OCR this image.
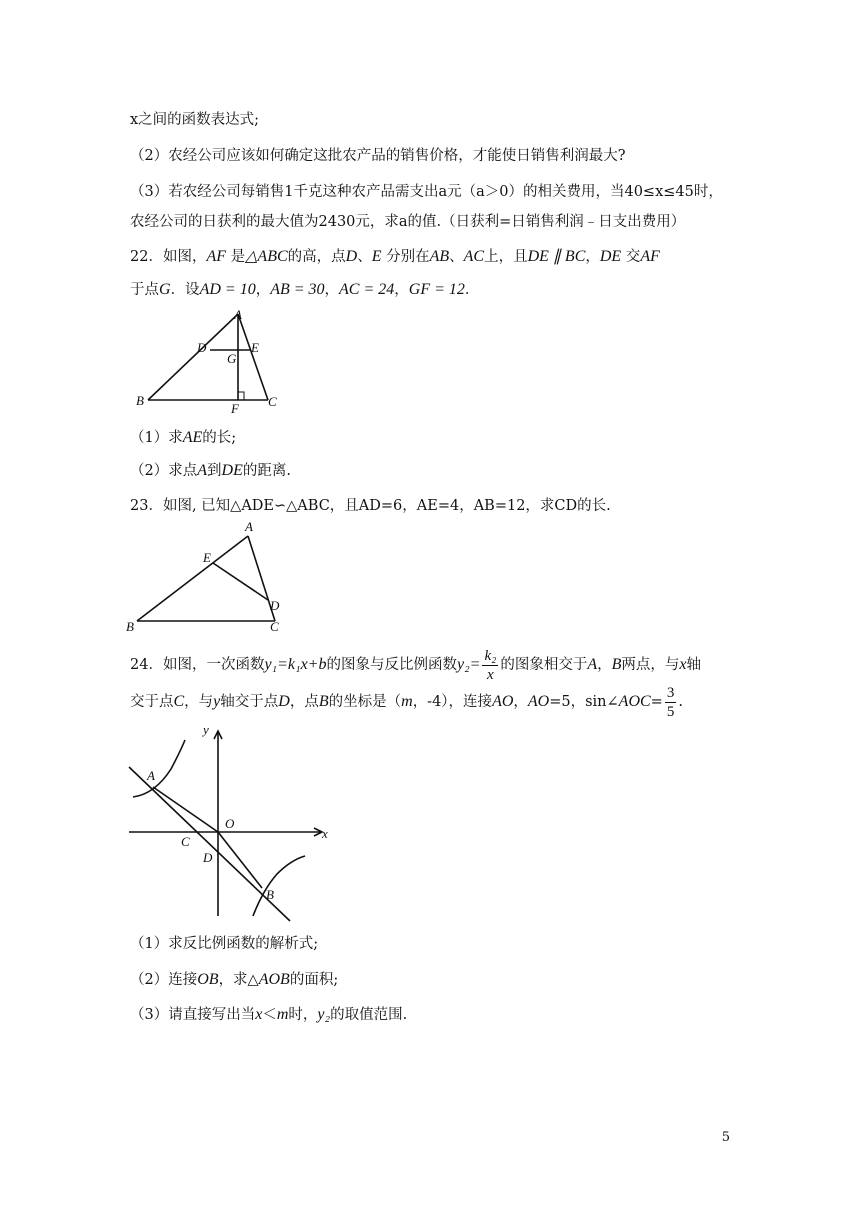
x之间的函数表达式;
（2）农经公司应该如何确定这批农产品的销售价格，才能使日销售利润最大?
（3）若农经公司每销售1千克这种农产品需支出a元（a＞0）的相关费用，当40≤x≤45时，
农经公司的日获利的最大值为2430元，求a的值.（日获利=日销售利润﹣日支出费用）
22．如图，AF 是△ABC的高，点D、E 分别在AB、AC上，且DE ∥ BC，DE 交AF
于点G．设AD = 10，AB = 30，AC = 24，GF = 12．
A
D
G
E
B
F C
（1）求AE的长;
（2）求点A到DE的距离.
23．如图, 已知△ADE∽△ABC，且AD=6，AE=4，AB=12，求CD的长.
A
E
D
B	C
24．如图，一次函数y₁=k₁x+b的图象与反比例函数$y_2= \frac{\text{k₂}}{x}$ 的图象相交于A，B两点，与x轴
交于点C，与y轴交于点D，点B的坐标是（m，-4），连接AO，AO=5，sin∠AOC= $\frac{3}{5}$ .
y
x
O
A
C
D
B
（1）求反比例函数的解析式;
（2）连接OB，求△AOB的面积;
（3）请直接写出当x＜m时，y₂的取值范围.
5
